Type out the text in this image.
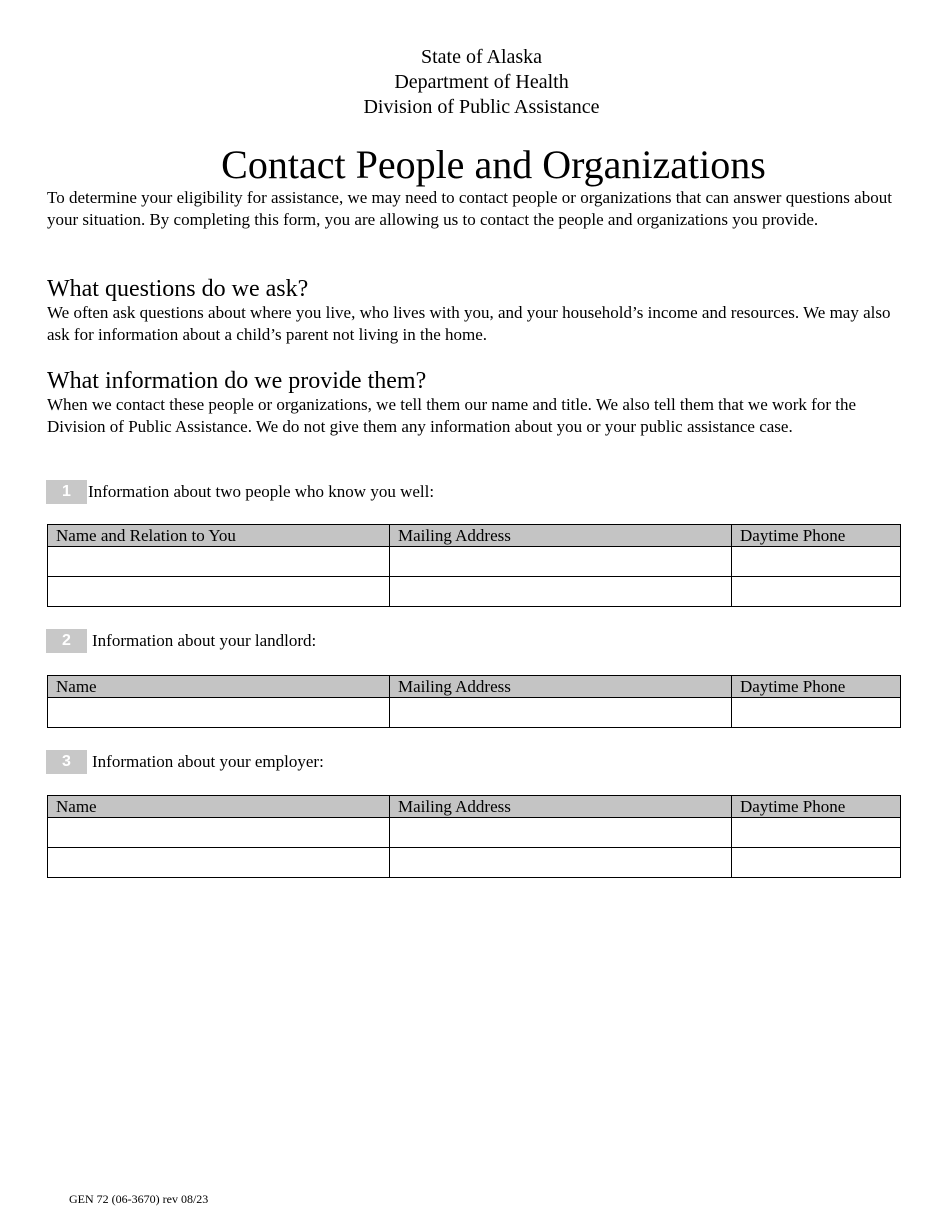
State of Alaska
Department of Health
Division of Public Assistance
Contact People and Organizations

To determine your eligibility for assistance, we may need to contact people or organizations that can answer questions about your situation. By completing this form, you are allowing us to contact the people and organizations you provide.

What questions do we ask?

We often ask questions about where you live, who lives with you, and your household’s income and resources. We may also ask for information about a child’s parent not living in the home.

What information do we provide them?

When we contact these people or organizations, we tell them our name and title. We also tell them that we work for the Division of Public Assistance. We do not give them any information about you or your public assistance case.

1	Information about two people who know you well:
Name and Relation to You	Mailing Address	Daytime Phone

2	Information about your landlord:
Name	Mailing Address	Daytime Phone

3	Information about your employer:
Name	Mailing Address	Daytime Phone

GEN 72 (06-3670) rev 08/23
